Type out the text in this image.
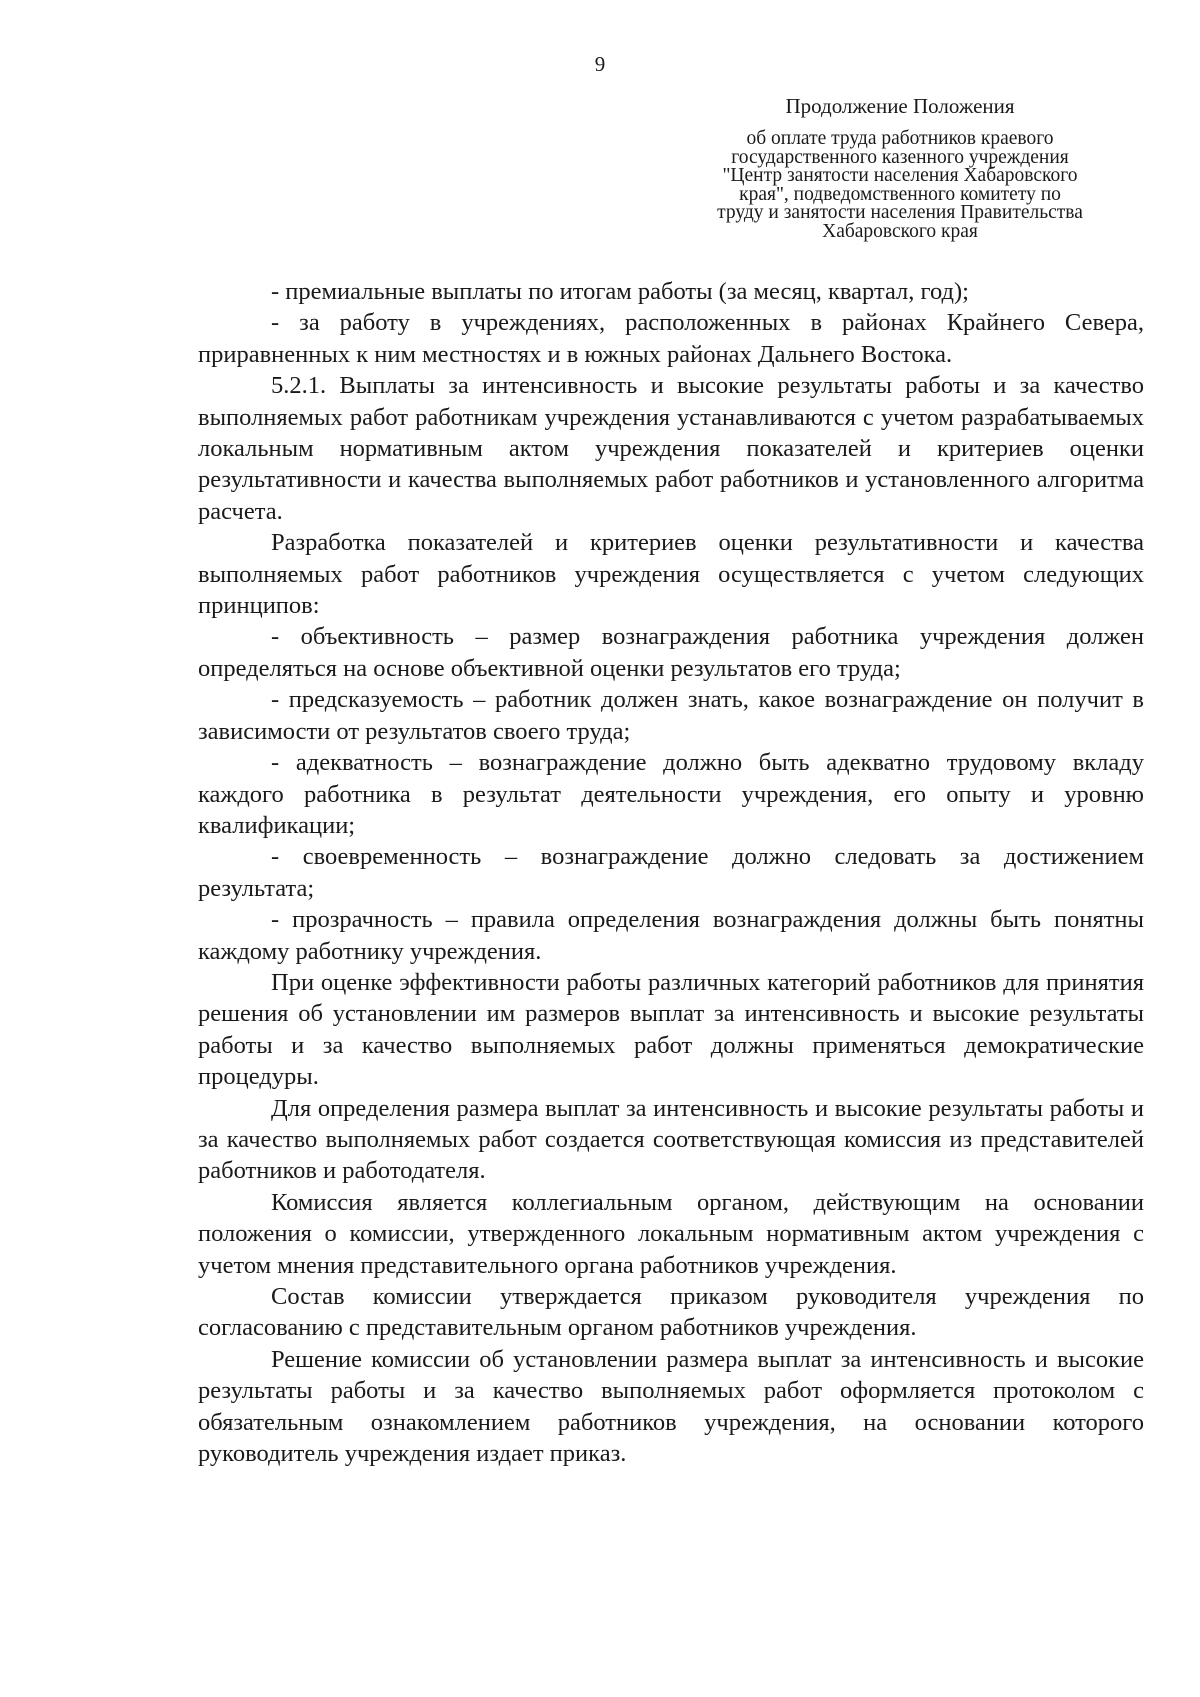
9
Продолжение Положения
об оплате труда работников краевого
государственного казенного учреждения
"Центр занятости населения Хабаровского
края", подведомственного комитету по
труду и занятости населения Правительства
Хабаровского края

- премиальные выплаты по итогам работы (за месяц, квартал, год);

- за работу в учреждениях, расположенных в районах Крайнего Севера, приравненных к ним местностях и в южных районах Дальнего Востока.

5.2.1. Выплаты за интенсивность и высокие результаты работы и за качество выполняемых работ работникам учреждения устанавливаются с учетом разрабатываемых локальным нормативным актом учреждения показателей и критериев оценки результативности и качества выполняемых работ работников и установленного алгоритма расчета.

Разработка показателей и критериев оценки результативности и качества выполняемых работ работников учреждения осуществляется с учетом следующих принципов:

- объективность – размер вознаграждения работника учреждения должен определяться на основе объективной оценки результатов его труда;

- предсказуемость – работник должен знать, какое вознаграждение он получит в зависимости от результатов своего труда;

- адекватность – вознаграждение должно быть адекватно трудовому вкладу каждого работника в результат деятельности учреждения, его опыту и уровню квалификации;

- своевременность – вознаграждение должно следовать за достижением результата;

- прозрачность – правила определения вознаграждения должны быть понятны каждому работнику учреждения.

При оценке эффективности работы различных категорий работников для принятия решения об установлении им размеров выплат за интенсивность и высокие результаты работы и за качество выполняемых работ должны применяться демократические процедуры.

Для определения размера выплат за интенсивность и высокие результаты работы и за качество выполняемых работ создается соответствующая комиссия из представителей работников и работодателя.

Комиссия является коллегиальным органом, действующим на основании положения о комиссии, утвержденного локальным нормативным актом учреждения с учетом мнения представительного органа работников учреждения.

Состав комиссии утверждается приказом руководителя учреждения по согласованию с представительным органом работников учреждения.

Решение комиссии об установлении размера выплат за интенсивность и высокие результаты работы и за качество выполняемых работ оформляется протоколом с обязательным ознакомлением работников учреждения, на основании которого руководитель учреждения издает приказ.
